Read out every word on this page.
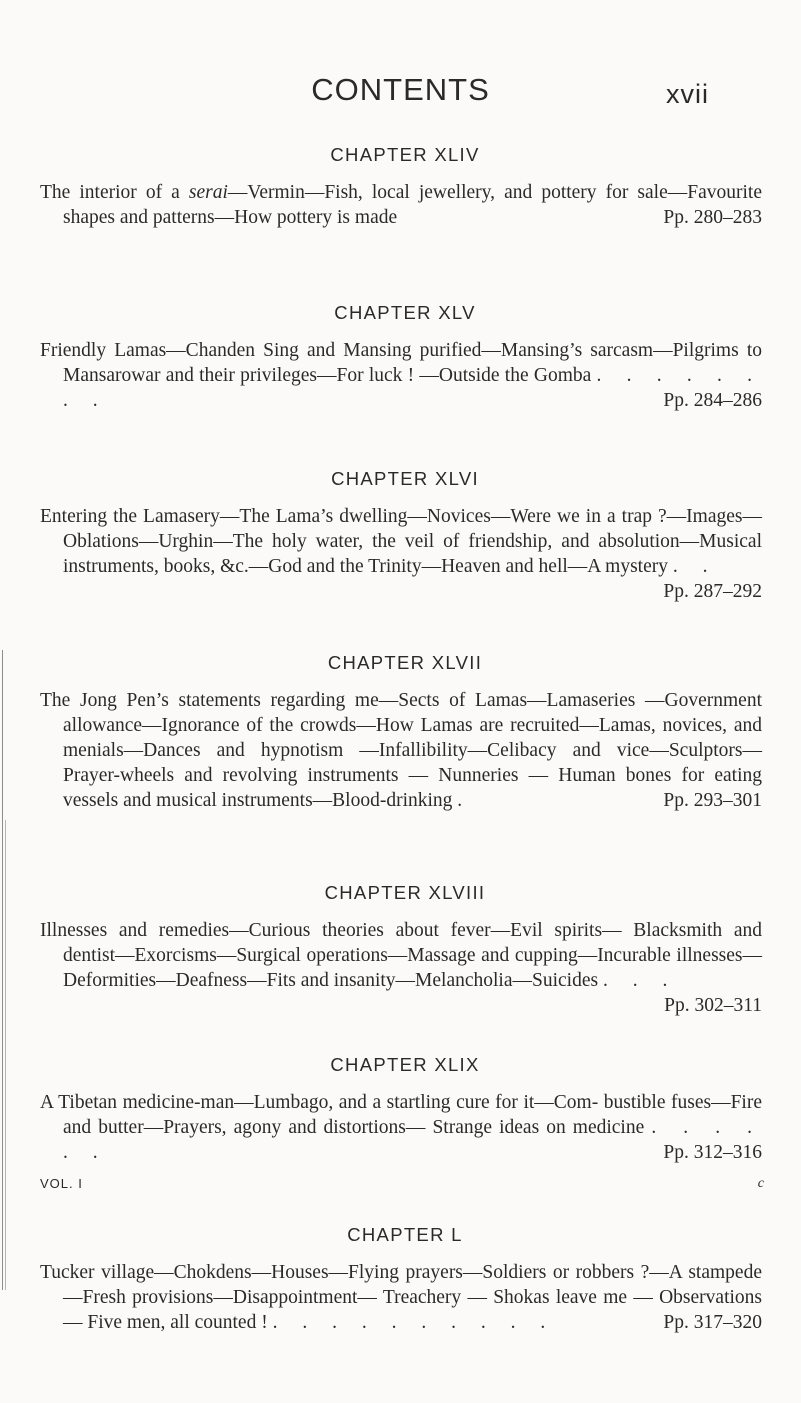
CONTENTS	xvii

CHAPTER XLIV

The interior of a serai—Vermin—Fish, local jewellery, and pottery for sale—Favourite shapes and patterns—How pottery is made	Pp. 280–283

CHAPTER XLV

Friendly Lamas—Chanden Sing and Mansing purified—Mansing’s sarcasm—Pilgrims to Mansarowar and their privileges—For luck ! —Outside the Gomba . . . . . . . .	Pp. 284–286

CHAPTER XLVI

Entering the Lamasery—The Lama’s dwelling—Novices—Were we in a trap ?—Images—Oblations—Urghin—The holy water, the veil of friendship, and absolution—Musical instruments, books, &c.—God and the Trinity—Heaven and hell—A mystery . .
Pp. 287–292

CHAPTER XLVII

The Jong Pen’s statements regarding me—Sects of Lamas—Lamaseries —Government allowance—Ignorance of the crowds—How Lamas are recruited—Lamas, novices, and menials—Dances and hypnotism —Infallibility—Celibacy and vice—Sculptors—Prayer-wheels and revolving instruments — Nunneries — Human bones for eating vessels and musical instruments—Blood-drinking .	Pp. 293–301

CHAPTER XLVIII

Illnesses and remedies—Curious theories about fever—Evil spirits— Blacksmith and dentist—Exorcisms—Surgical operations—Massage and cupping—Incurable illnesses—Deformities—Deafness—Fits and insanity—Melancholia—Suicides . . .
Pp. 302–311

CHAPTER XLIX

A Tibetan medicine-man—Lumbago, and a startling cure for it—Com- bustible fuses—Fire and butter—Prayers, agony and distortions— Strange ideas on medicine . . . . . .	Pp. 312–316

CHAPTER L

Tucker village—Chokdens—Houses—Flying prayers—Soldiers or robbers ?—A stampede—Fresh provisions—Disappointment— Treachery — Shokas leave me — Observations — Five men, all counted ! . . . . . . . . . .	Pp. 317–320

VOL. I	c
